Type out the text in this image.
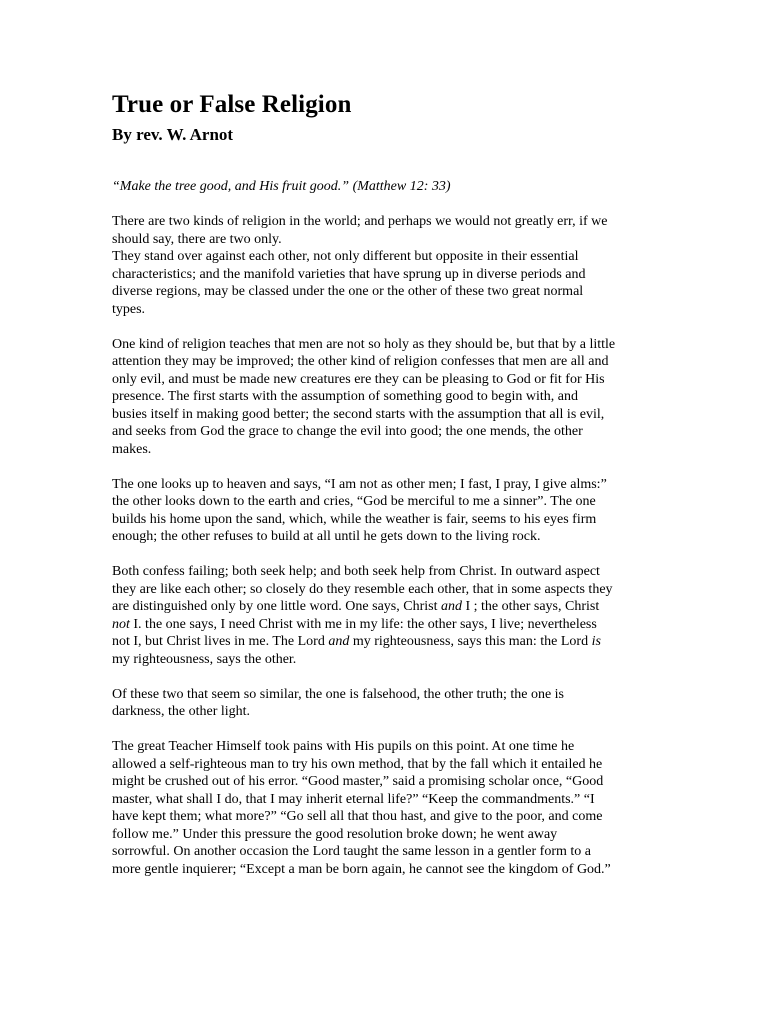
True or False Religion
By rev. W. Arnot

“Make the tree good, and His fruit good.” (Matthew 12: 33)

There are two kinds of religion in the world; and perhaps we would not greatly err, if we
should say, there are two only.

They stand over against each other, not only different but opposite in their essential
characteristics; and the manifold varieties that have sprung up in diverse periods and
diverse regions, may be classed under the one or the other of these two great normal
types.

One kind of religion teaches that men are not so holy as they should be, but that by a little
attention they may be improved; the other kind of religion confesses that men are all and
only evil, and must be made new creatures ere they can be pleasing to God or fit for His
presence. The first starts with the assumption of something good to begin with, and
busies itself in making good better; the second starts with the assumption that all is evil,
and seeks from God the grace to change the evil into good; the one mends, the other
makes.

The one looks up to heaven and says, “I am not as other men; I fast, I pray, I give alms:”
the other looks down to the earth and cries, “God be merciful to me a sinner”. The one
builds his home upon the sand, which, while the weather is fair, seems to his eyes firm
enough; the other refuses to build at all until he gets down to the living rock.

Both confess failing; both seek help; and both seek help from Christ. In outward aspect
they are like each other; so closely do they resemble each other, that in some aspects they
are distinguished only by one little word. One says, Christ and I ; the other says, Christ
not I. the one says, I need Christ with me in my life: the other says, I live; nevertheless
not I, but Christ lives in me. The Lord and my righteousness, says this man: the Lord is
my righteousness, says the other.

Of these two that seem so similar, the one is falsehood, the other truth; the one is
darkness, the other light.

The great Teacher Himself took pains with His pupils on this point. At one time he
allowed a self-righteous man to try his own method, that by the fall which it entailed he
might be crushed out of his error. “Good master,” said a promising scholar once, “Good
master, what shall I do, that I may inherit eternal life?” “Keep the commandments.” “I
have kept them; what more?” “Go sell all that thou hast, and give to the poor, and come
follow me.” Under this pressure the good resolution broke down; he went away
sorrowful. On another occasion the Lord taught the same lesson in a gentler form to a
more gentle inquierer; “Except a man be born again, he cannot see the kingdom of God.”
